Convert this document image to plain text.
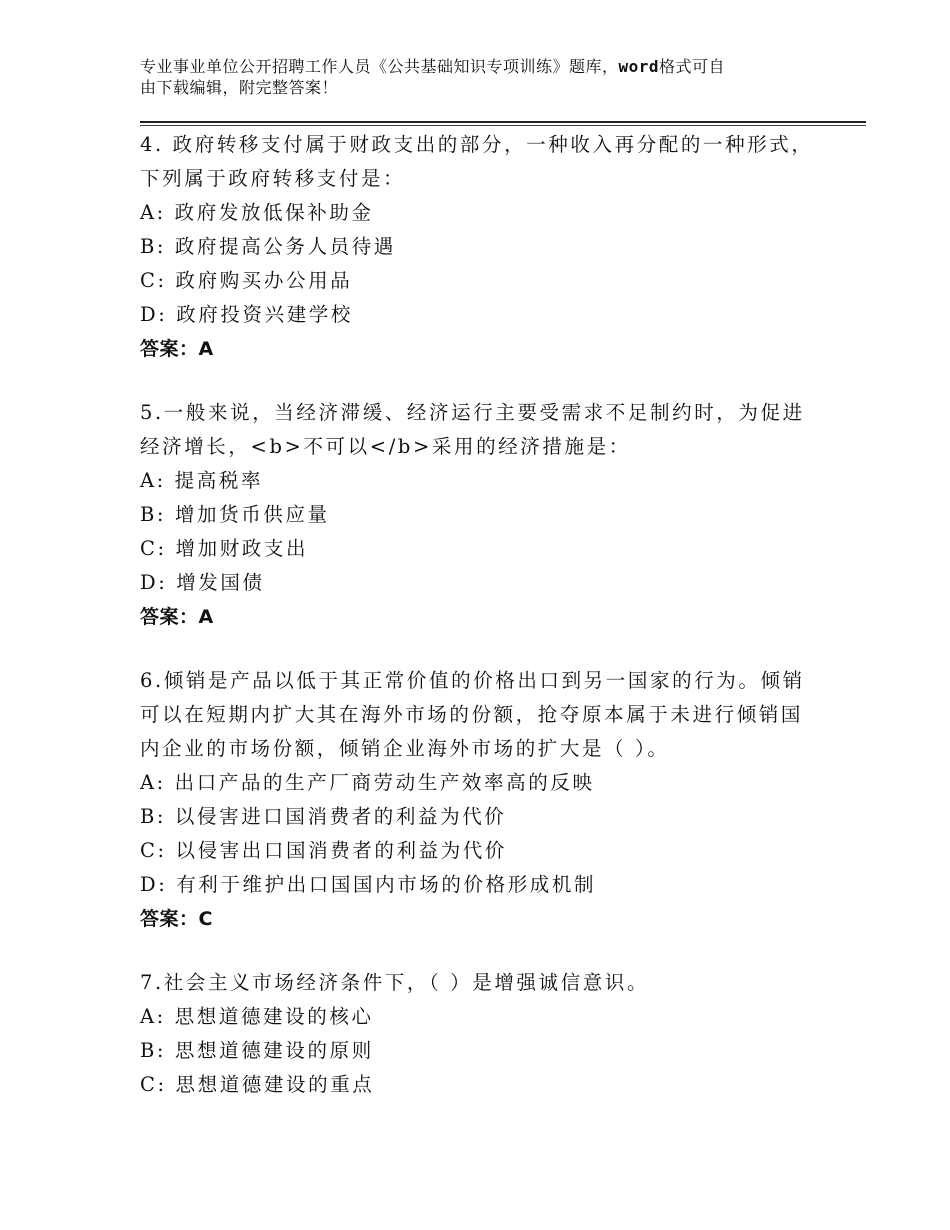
专业事业单位公开招聘工作人员《公共基础知识专项训练》题库，word格式可自
由下载编辑，附完整答案！
4. 政府转移支付属于财政支出的部分，一种收入再分配的一种形式，
下列属于政府转移支付是：
A: 政府发放低保补助金
B: 政府提高公务人员待遇
C: 政府购买办公用品
D: 政府投资兴建学校
答案：A
5.一般来说，当经济滞缓、经济运行主要受需求不足制约时，为促进
经济增长，<b>不可以</b>采用的经济措施是：
A: 提高税率
B: 增加货币供应量
C: 增加财政支出
D: 增发国债
答案：A
6.倾销是产品以低于其正常价值的价格出口到另一国家的行为。倾销
可以在短期内扩大其在海外市场的份额，抢夺原本属于未进行倾销国
内企业的市场份额，倾销企业海外市场的扩大是（ ）。
A: 出口产品的生产厂商劳动生产效率高的反映
B: 以侵害进口国消费者的利益为代价
C: 以侵害出口国消费者的利益为代价
D: 有利于维护出口国国内市场的价格形成机制
答案：C
7.社会主义市场经济条件下，（ ）是增强诚信意识。
A: 思想道德建设的核心
B: 思想道德建设的原则
C: 思想道德建设的重点
